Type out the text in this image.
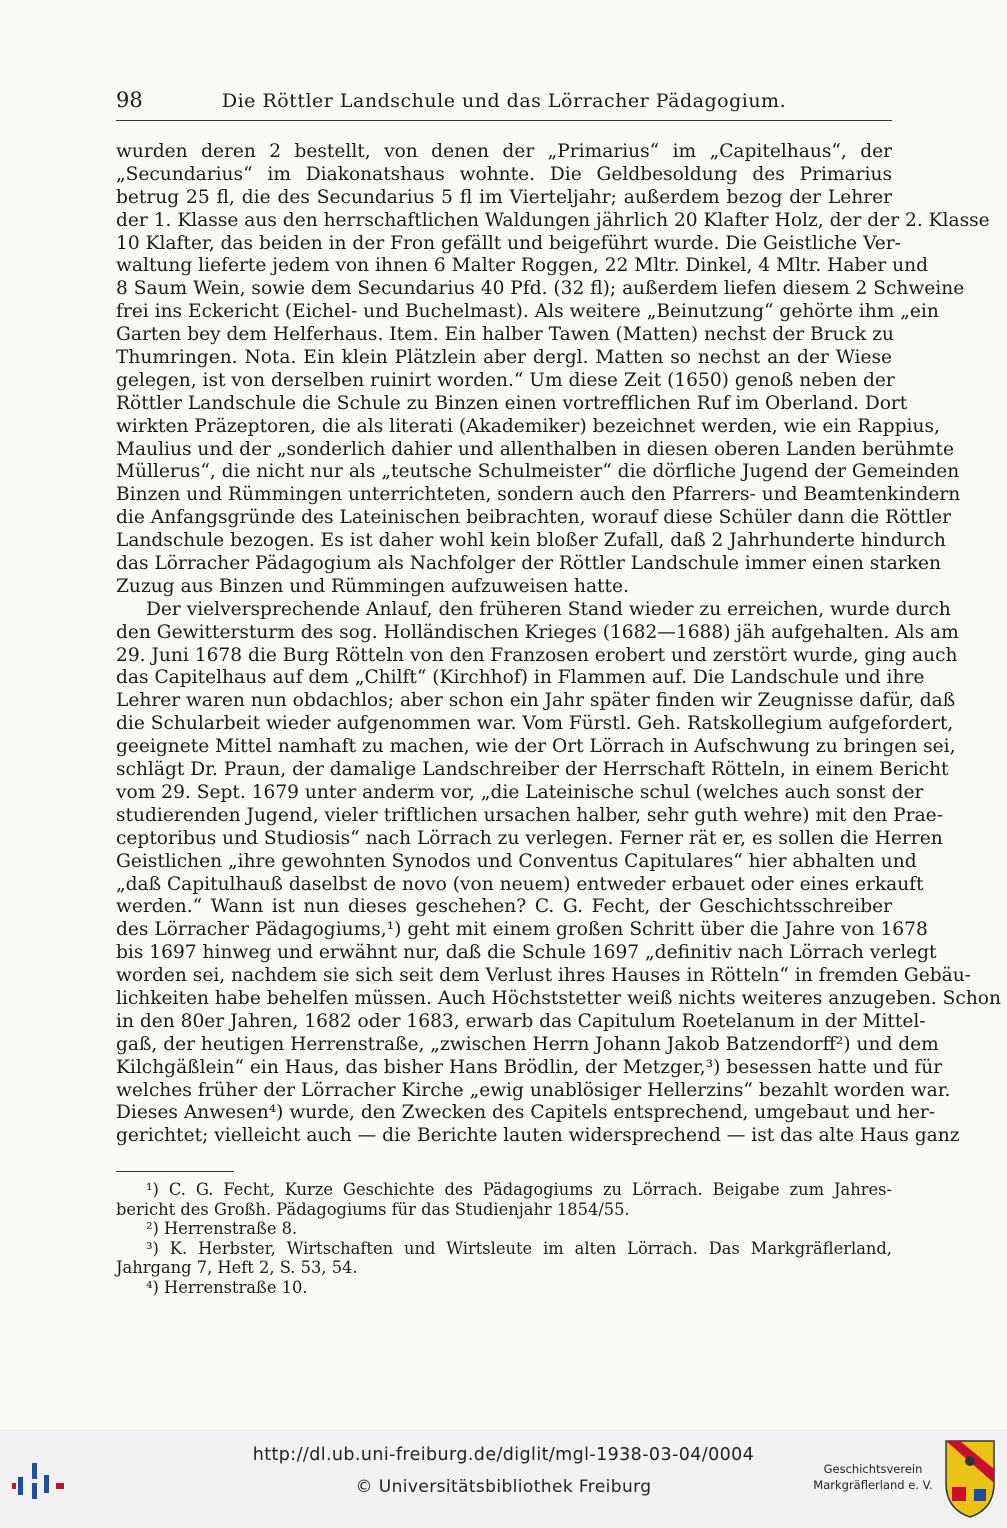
98	Die Röttler Landschule und das Lörracher Pädagogium.
wurden deren 2 bestellt, von denen der „Primarius“ im „Capitelhaus“, der
„Secundarius“ im Diakonatshaus wohnte. Die Geldbesoldung des Primarius
betrug 25 fl, die des Secundarius 5 fl im Vierteljahr; außerdem bezog der Lehrer
der 1. Klasse aus den herrschaftlichen Waldungen jährlich 20 Klafter Holz, der der 2. Klasse
10 Klafter, das beiden in der Fron gefällt und beigeführt wurde. Die Geistliche Ver-
waltung lieferte jedem von ihnen 6 Malter Roggen, 22 Mltr. Dinkel, 4 Mltr. Haber und
8 Saum Wein, sowie dem Secundarius 40 Pfd. (32 fl); außerdem liefen diesem 2 Schweine
frei ins Eckericht (Eichel- und Buchelmast). Als weitere „Beinutzung“ gehörte ihm „ein
Garten bey dem Helferhaus. Item. Ein halber Tawen (Matten) nechst der Bruck zu
Thumringen. Nota. Ein klein Plätzlein aber dergl. Matten so nechst an der Wiese
gelegen, ist von derselben ruinirt worden.“ Um diese Zeit (1650) genoß neben der
Röttler Landschule die Schule zu Binzen einen vortrefflichen Ruf im Oberland. Dort
wirkten Präzeptoren, die als literati (Akademiker) bezeichnet werden, wie ein Rappius,
Maulius und der „sonderlich dahier und allenthalben in diesen oberen Landen berühmte
Müllerus“, die nicht nur als „teutsche Schulmeister“ die dörfliche Jugend der Gemeinden
Binzen und Rümmingen unterrichteten, sondern auch den Pfarrers- und Beamtenkindern
die Anfangsgründe des Lateinischen beibrachten, worauf diese Schüler dann die Röttler
Landschule bezogen. Es ist daher wohl kein bloßer Zufall, daß 2 Jahrhunderte hindurch
das Lörracher Pädagogium als Nachfolger der Röttler Landschule immer einen starken
Zuzug aus Binzen und Rümmingen aufzuweisen hatte.
Der vielversprechende Anlauf, den früheren Stand wieder zu erreichen, wurde durch
den Gewittersturm des sog. Holländischen Krieges (1682—1688) jäh aufgehalten. Als am
29. Juni 1678 die Burg Rötteln von den Franzosen erobert und zerstört wurde, ging auch
das Capitelhaus auf dem „Chilft“ (Kirchhof) in Flammen auf. Die Landschule und ihre
Lehrer waren nun obdachlos; aber schon ein Jahr später finden wir Zeugnisse dafür, daß
die Schularbeit wieder aufgenommen war. Vom Fürstl. Geh. Ratskollegium aufgefordert,
geeignete Mittel namhaft zu machen, wie der Ort Lörrach in Aufschwung zu bringen sei,
schlägt Dr. Praun, der damalige Landschreiber der Herrschaft Rötteln, in einem Bericht
vom 29. Sept. 1679 unter anderm vor, „die Lateinische schul (welches auch sonst der
studierenden Jugend, vieler triftlichen ursachen halber, sehr guth wehre) mit den Prae-
ceptoribus und Studiosis“ nach Lörrach zu verlegen. Ferner rät er, es sollen die Herren
Geistlichen „ihre gewohnten Synodos und Conventus Capitulares“ hier abhalten und
„daß Capitulhauß daselbst de novo (von neuem) entweder erbauet oder eines erkauft
werden.“ Wann ist nun dieses geschehen? C. G. Fecht, der Geschichtsschreiber
des Lörracher Pädagogiums,¹) geht mit einem großen Schritt über die Jahre von 1678
bis 1697 hinweg und erwähnt nur, daß die Schule 1697 „definitiv nach Lörrach verlegt
worden sei, nachdem sie sich seit dem Verlust ihres Hauses in Rötteln“ in fremden Gebäu-
lichkeiten habe behelfen müssen. Auch Höchststetter weiß nichts weiteres anzugeben. Schon
in den 80er Jahren, 1682 oder 1683, erwarb das Capitulum Roetelanum in der Mittel-
gaß, der heutigen Herrenstraße, „zwischen Herrn Johann Jakob Batzendorff²) und dem
Kilchgäßlein“ ein Haus, das bisher Hans Brödlin, der Metzger,³) besessen hatte und für
welches früher der Lörracher Kirche „ewig unablösiger Hellerzins“ bezahlt worden war.
Dieses Anwesen⁴) wurde, den Zwecken des Capitels entsprechend, umgebaut und her-
gerichtet; vielleicht auch — die Berichte lauten widersprechend — ist das alte Haus ganz
¹) C. G. Fecht, Kurze Geschichte des Pädagogiums zu Lörrach. Beigabe zum Jahres-
bericht des Großh. Pädagogiums für das Studienjahr 1854/55.
²) Herrenstraße 8.
³) K. Herbster, Wirtschaften und Wirtsleute im alten Lörrach. Das Markgräflerland,
Jahrgang 7, Heft 2, S. 53, 54.
⁴) Herrenstraße 10.
http://dl.ub.uni-freiburg.de/diglit/mgl-1938-03-04/0004
© Universitätsbibliothek Freiburg
Geschichtsverein
Markgräflerland e. V.
